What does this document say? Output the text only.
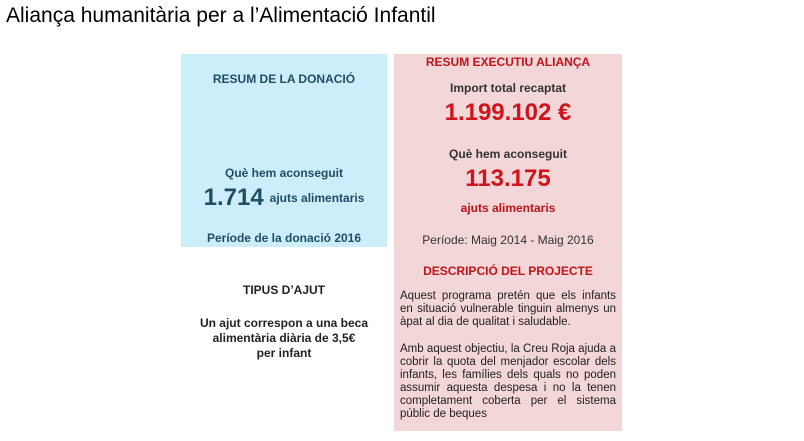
Aliança humanitària per a l’Alimentació Infantil
RESUM DE LA DONACIÓ
Què hem aconseguit
1.714 ajuts alimentaris
Període de la donació 2016
RESUM EXECUTIU ALIANÇA
Import total recaptat
1.199.102 €
Què hem aconseguit
113.175
ajuts alimentaris
Període: Maig 2014 - Maig 2016
DESCRIPCIÓ DEL PROJECTE
Aquest programa pretén que els infants en situació vulnerable tinguin almenys un àpat al dia de qualitat i saludable.
Amb aquest objectiu, la Creu Roja ajuda a cobrir la quota del menjador escolar dels infants, les famílies dels quals no poden assumir aquesta despesa i no la tenen completament coberta per el sistema públic de beques
TIPUS D’AJUT
Un ajut correspon a una beca
alimentària diària de 3,5€
per infant
